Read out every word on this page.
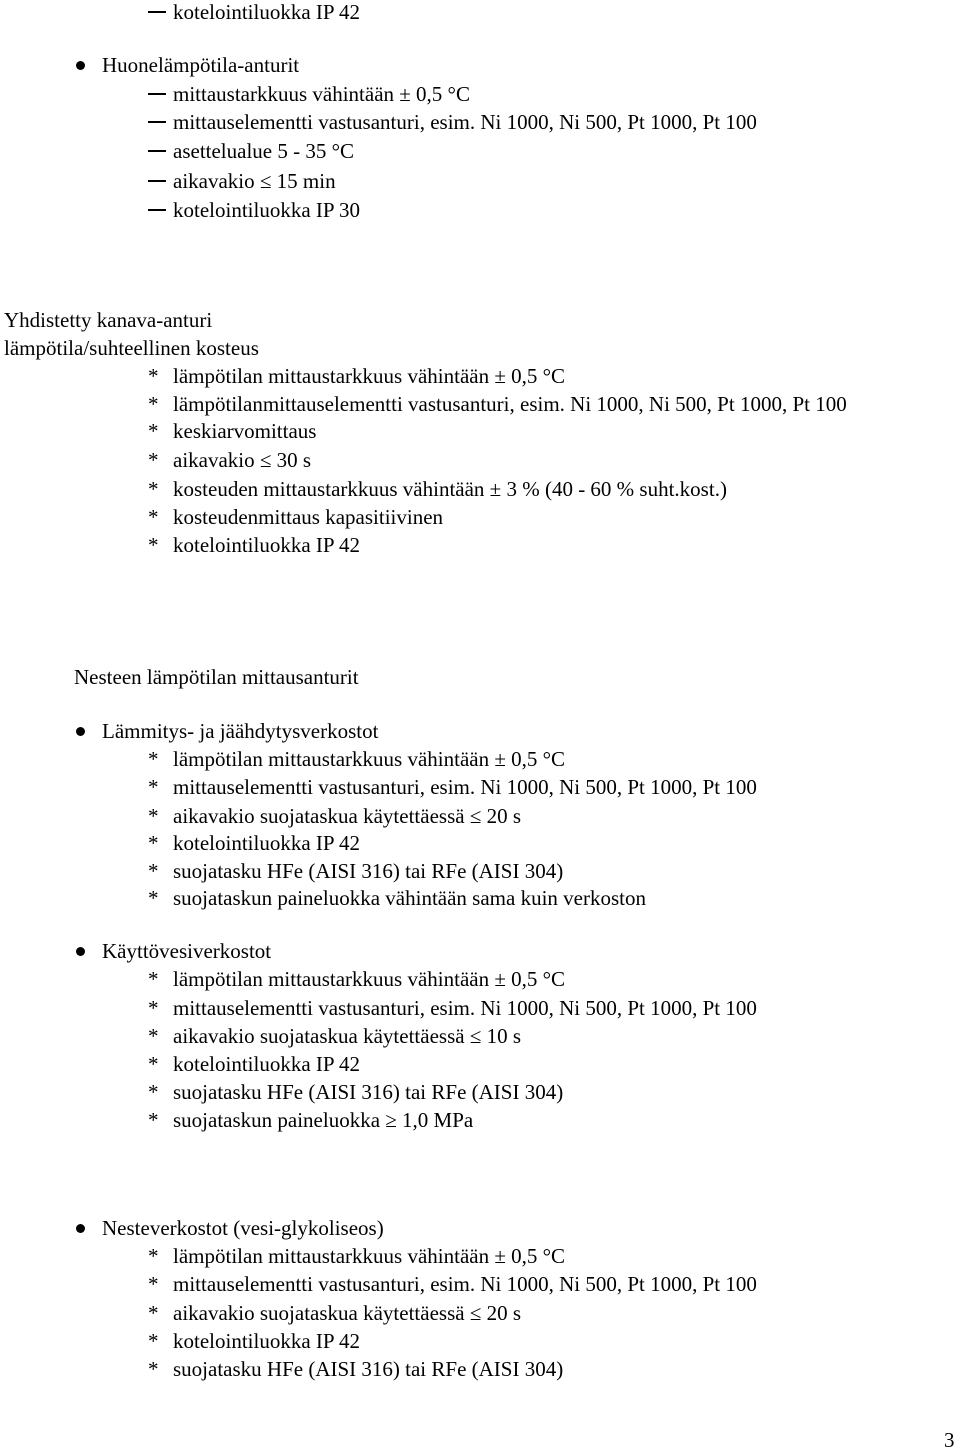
kotelointiluokka IP 42
Huonelämpötila-anturit
mittaustarkkuus vähintään ± 0,5 °C
mittauselementti vastusanturi, esim. Ni 1000, Ni 500, Pt 1000, Pt 100
asettelualue 5 - 35 °C
aikavakio ≤ 15 min
kotelointiluokka IP 30
Yhdistetty kanava-anturi
lämpötila/suhteellinen kosteus
* lämpötilan mittaustarkkuus vähintään ± 0,5 °C
* lämpötilanmittauselementti vastusanturi, esim. Ni 1000, Ni 500, Pt 1000, Pt 100
* keskiarvomittaus
* aikavakio ≤ 30 s
* kosteuden mittaustarkkuus vähintään ± 3 % (40 - 60 % suht.kost.)
* kosteudenmittaus kapasitiivinen
* kotelointiluokka IP 42
Nesteen lämpötilan mittausanturit
Lämmitys- ja jäähdytysverkostot
* lämpötilan mittaustarkkuus vähintään ± 0,5 °C
* mittauselementti vastusanturi, esim. Ni 1000, Ni 500, Pt 1000, Pt 100
* aikavakio suojataskua käytettäessä ≤ 20 s
* kotelointiluokka IP 42
* suojatasku HFe (AISI 316) tai RFe (AISI 304)
* suojataskun paineluokka vähintään sama kuin verkoston
Käyttövesiverkostot
* lämpötilan mittaustarkkuus vähintään ± 0,5 °C
* mittauselementti vastusanturi, esim. Ni 1000, Ni 500, Pt 1000, Pt 100
* aikavakio suojataskua käytettäessä ≤ 10 s
* kotelointiluokka IP 42
* suojatasku HFe (AISI 316) tai RFe (AISI 304)
* suojataskun paineluokka ≥ 1,0 MPa
Nesteverkostot (vesi-glykoliseos)
* lämpötilan mittaustarkkuus vähintään ± 0,5 °C
* mittauselementti vastusanturi, esim. Ni 1000, Ni 500, Pt 1000, Pt 100
* aikavakio suojataskua käytettäessä ≤ 20 s
* kotelointiluokka IP 42
* suojatasku HFe (AISI 316) tai RFe (AISI 304)
3
